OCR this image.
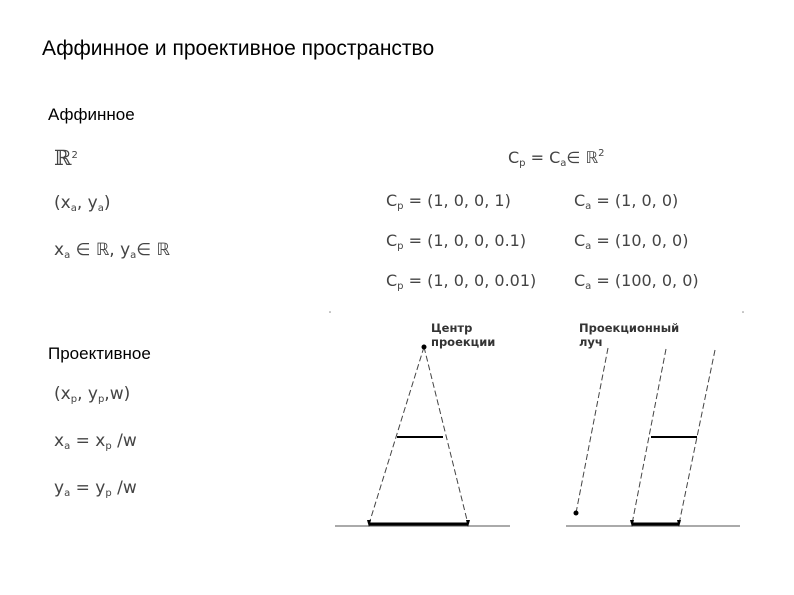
Аффинное и проективное пространство
Аффинное
ℝ$^2$
($x_a$, $y_a$)
$x_a$ ∈ ℝ, $y_a\in$ ℝ
Проективное
($x_p$, $y_p,w$)
$x_a = x_p$ /w
$y_a = y_p$ /w
$C_p$ = $C_a\in$ ℝ$^2$
$C_p = (1$, 0, 0, 1)	$C_a = (1$, 0, 0)
$C_p = (1$, 0, 0, 0.1)	$C_a = (10$, 0, 0)
$C_p = (1$, 0, 0, 0.01) $C_a = (100$, 0, 0)
Центр
проекции
Проекционный
луч
